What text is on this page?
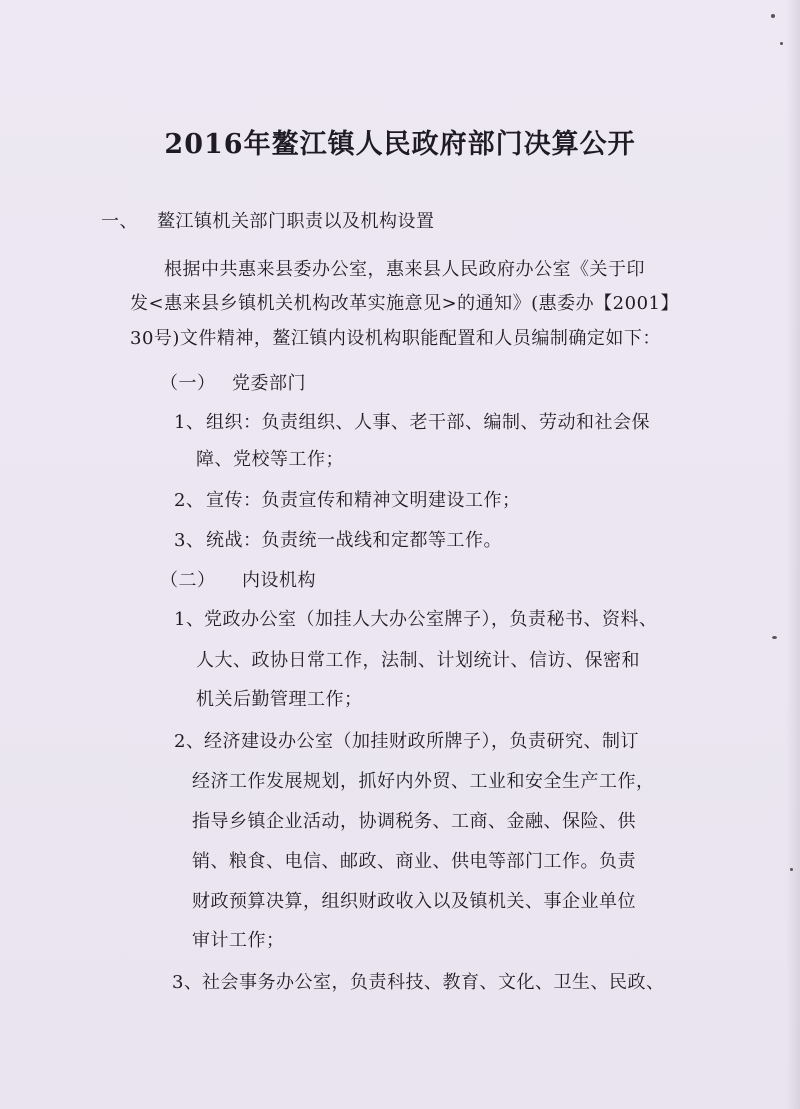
2016年鳌江镇人民政府部门决算公开
一、 鳌江镇机关部门职责以及机构设置
根据中共惠来县委办公室，惠来县人民政府办公室《关于印
发<惠来县乡镇机关机构改革实施意见>的通知》(惠委办【2001】
30号)文件精神，鳌江镇内设机构职能配置和人员编制确定如下：
（一） 党委部门
1、组织：负责组织、人事、老干部、编制、劳动和社会保
障、党校等工作；
2、宣传：负责宣传和精神文明建设工作；
3、统战：负责统一战线和定都等工作。
（二） 内设机构
1、党政办公室（加挂人大办公室牌子），负责秘书、资料、
人大、政协日常工作，法制、计划统计、信访、保密和
机关后勤管理工作；
2、经济建设办公室（加挂财政所牌子），负责研究、制订
经济工作发展规划，抓好内外贸、工业和安全生产工作，
指导乡镇企业活动，协调税务、工商、金融、保险、供
销、粮食、电信、邮政、商业、供电等部门工作。负责
财政预算决算，组织财政收入以及镇机关、事企业单位
审计工作；
3、社会事务办公室，负责科技、教育、文化、卫生、民政、
